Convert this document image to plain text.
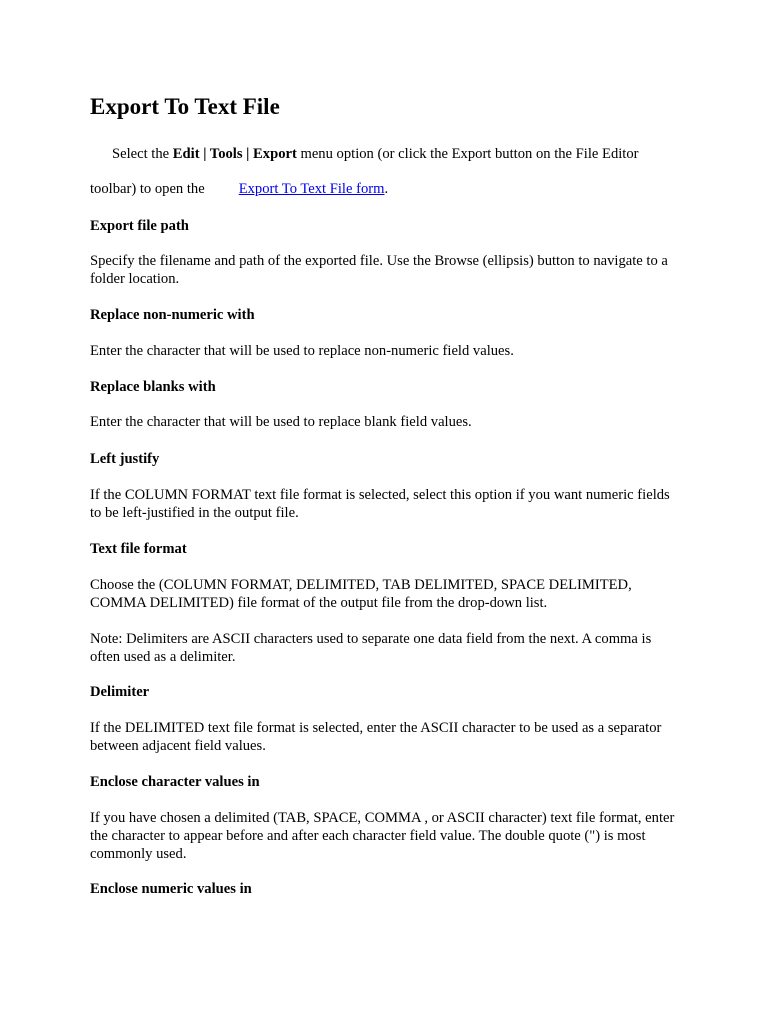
Export To Text File
Select the Edit | Tools | Export menu option (or click the Export button on the File Editor
toolbar) to open the Export To Text File form.
Export file path

Specify the filename and path of the exported file. Use the Browse (ellipsis) button to navigate to a folder location.

Replace non-numeric with

Enter the character that will be used to replace non-numeric field values.

Replace blanks with

Enter the character that will be used to replace blank field values.

Left justify

If the COLUMN FORMAT text file format is selected, select this option if you want numeric fields to be left-justified in the output file.

Text file format

Choose the (COLUMN FORMAT, DELIMITED, TAB DELIMITED, SPACE DELIMITED, COMMA DELIMITED) file format of the output file from the drop-down list.

Note: Delimiters are ASCII characters used to separate one data field from the next. A comma is often used as a delimiter.

Delimiter

If the DELIMITED text file format is selected, enter the ASCII character to be used as a separator between adjacent field values.

Enclose character values in

If you have chosen a delimited (TAB, SPACE, COMMA , or ASCII character) text file format, enter the character to appear before and after each character field value. The double quote (") is most commonly used.

Enclose numeric values in
